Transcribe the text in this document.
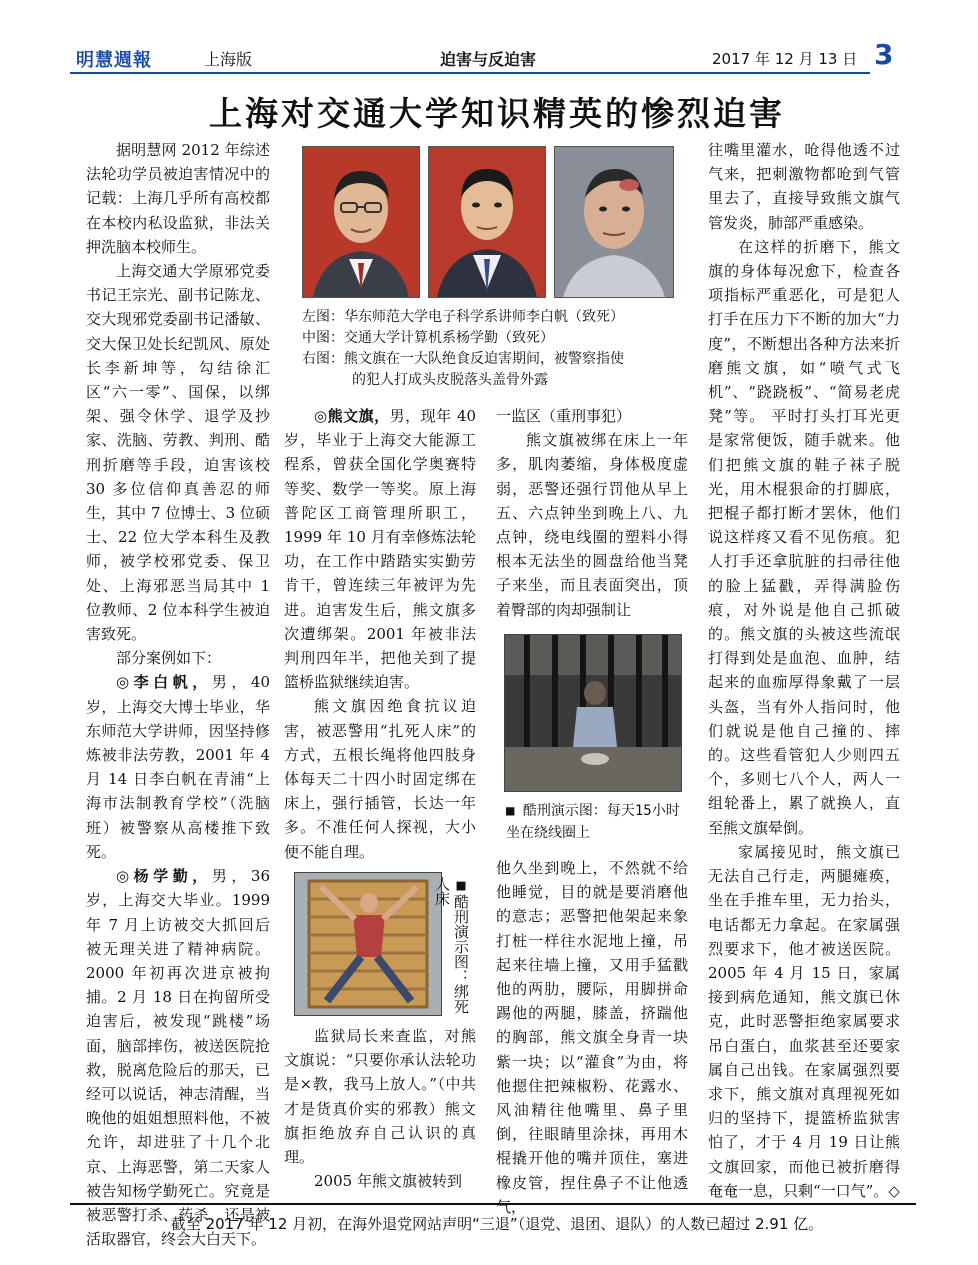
明慧週報	上海版	迫害与反迫害	2017 年 12 月 13 日 3
上海对交通大学知识精英的惨烈迫害

据明慧网 2012 年综述法轮功学员被迫害情况中的记载：上海几乎所有高校都在本校内私设监狱，非法关押洗脑本校师生。

上海交通大学原邪党委书记王宗光、副书记陈龙、交大现邪党委副书记潘敏、交大保卫处长纪凯风、原处长李新坤等，勾结徐汇区“六一零”、国保，以绑架、强令休学、退学及抄家、洗脑、劳教、判刑、酷刑折磨等手段，迫害该校 30 多位信仰真善忍的师生，其中 7 位博士、3 位硕士、22 位大学本科生及教师，被学校邪党委、保卫处、上海邪恶当局其中 1 位教师、2 位本科学生被迫害致死。

部分案例如下：

◎李白帆，男，40 岁，上海交大博士毕业，华东师范大学讲师，因坚持修炼被非法劳教，2001 年 4 月 14 日李白帆在青浦“上海市法制教育学校”（洗脑班）被警察从高楼推下致死。

◎杨学勤，男，36 岁，上海交大毕业。1999 年 7 月上访被交大抓回后被无理关进了精神病院。2000 年初再次进京被拘捕。2 月 18 日在拘留所受迫害后，被发现“跳楼”场面，脑部摔伤，被送医院抢救，脱离危险后的那天，已经可以说话，神志清醒，当晚他的姐姐想照料他，不被允许，却进驻了十几个北京、上海恶警，第二天家人被告知杨学勤死亡。究竟是被恶警打杀、药杀、还是被活取器官，终会大白天下。

左图：华东师范大学电子科学系讲师李白帆（致死）
中图：交通大学计算机系杨学勤（致死）
右图：熊文旗在一大队绝食反迫害期间，被警察指使
的犯人打成头皮脱落头盖骨外露

◎熊文旗，男，现年 40 岁，毕业于上海交大能源工程系，曾获全国化学奥赛特等奖、数学一等奖。原上海普陀区工商管理所职工，1999 年 10 月有幸修炼法轮功，在工作中踏踏实实勤劳肯干，曾连续三年被评为先进。迫害发生后，熊文旗多次遭绑架。2001 年被非法判刑四年半，把他关到了提篮桥监狱继续迫害。

熊文旗因绝食抗议迫害，被恶警用“扎死人床”的方式，五根长绳将他四肢身体每天二十四小时固定绑在床上，强行插管，长达一年多。不准任何人探视，大小便不能自理。

■酷刑演示图：绑死人床

监狱局长来查监，对熊文旗说：“只要你承认法轮功是×教，我马上放人。”（中共才是货真价实的邪教）熊文旗拒绝放弃自己认识的真理。

2005 年熊文旗被转到

一监区（重刑事犯）

熊文旗被绑在床上一年多，肌肉萎缩，身体极度虚弱，恶警还强行罚他从早上五、六点钟坐到晚上八、九点钟，绕电线圈的塑料小得根本无法坐的圆盘给他当凳子来坐，而且表面突出，顶着臀部的肉却强制让

■ 酷刑演示图：每天15小时坐在绕线圈上

他久坐到晚上，不然就不给他睡觉，目的就是要消磨他的意志；恶警把他架起来象打桩一样往水泥地上撞，吊起来往墙上撞，又用手猛戳他的两肋，腰际，用脚拼命踢他的两腿，膝盖，挤踹他的胸部，熊文旗全身青一块紫一块；以“灌食”为由，将他摁住把辣椒粉、花露水、风油精往他嘴里、鼻子里倒，往眼睛里涂抹，再用木棍撬开他的嘴并顶住，塞进橡皮管，捏住鼻子不让他透气，

往嘴里灌水，呛得他透不过气来，把刺激物都呛到气管里去了，直接导致熊文旗气管发炎，肺部严重感染。

在这样的折磨下，熊文旗的身体每况愈下，检查各项指标严重恶化，可是犯人打手在压力下不断的加大“力度”，不断想出各种方法来折磨熊文旗，如“喷气式飞机”、“跷跷板”、“简易老虎凳”等。 平时打头打耳光更是家常便饭，随手就来。他们把熊文旗的鞋子袜子脱光，用木棍狠命的打脚底，把棍子都打断才罢休，他们说这样疼又看不见伤痕。犯人打手还拿肮脏的扫帚往他的脸上猛戳，弄得满脸伤痕，对外说是他自己抓破的。熊文旗的头被这些流氓打得到处是血泡、血肿，结起来的血痂厚得象戴了一层头盔，当有外人指问时，他们就说是他自己撞的、摔的。这些看管犯人少则四五个，多则七八个人，两人一组轮番上，累了就换人，直至熊文旗晕倒。

家属接见时，熊文旗已无法自己行走，两腿瘫痪，坐在手推车里，无力抬头，电话都无力拿起。在家属强烈要求下，他才被送医院。2005 年 4 月 15 日，家属接到病危通知，熊文旗已休克，此时恶警拒绝家属要求吊白蛋白，血浆甚至还要家属自己出钱。在家属强烈要求下，熊文旗对真理视死如归的坚持下，提篮桥监狱害怕了，才于 4 月 19 日让熊文旗回家，而他已被折磨得奄奄一息，只剩“一口气”。◇

截至 2017 年 12 月初，在海外退党网站声明“三退”（退党、退团、退队）的人数已超过 2.91 亿。
